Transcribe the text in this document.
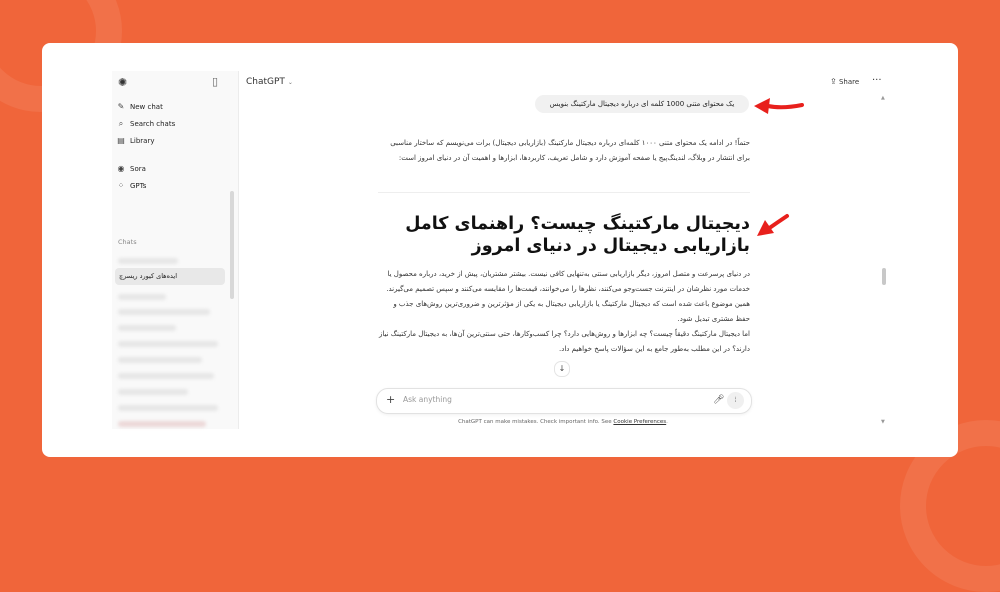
✺	▯
✎ New chat
⌕ Search chats
▤ Library
◉ Sora
⁘ GPTs
Chats
ایده‌های کیورد ریسرچ
ChatGPT ⌄	⇪ Share ···
یک محتوای متنی 1000 کلمه ای درباره دیجیتال مارکتینگ بنویس
حتماً! در ادامه یک محتوای متنی ۱۰۰۰ کلمه‌ای درباره دیجیتال مارکتینگ (بازاریابی دیجیتال) برات می‌نویسم که ساختار مناسبی برای انتشار در وبلاگ، لندینگ‌پیج یا صفحه آموزش دارد و شامل تعریف، کاربردها، ابزارها و اهمیت آن در دنیای امروز است:
دیجیتال مارکتینگ چیست؟ راهنمای کامل بازاریابی دیجیتال در دنیای امروز
در دنیای پرسرعت و متصل امروز، دیگر بازاریابی سنتی به‌تنهایی کافی نیست. بیشتر مشتریان، پیش از خرید، درباره محصول یا خدمات مورد نظرشان در اینترنت جست‌وجو می‌کنند، نظرها را می‌خوانند، قیمت‌ها را مقایسه می‌کنند و سپس تصمیم می‌گیرند. همین موضوع باعث شده است که دیجیتال مارکتینگ یا بازاریابی دیجیتال به یکی از مؤثرترین و ضروری‌ترین روش‌های جذب و حفظ مشتری تبدیل شود.
اما دیجیتال مارکتینگ دقیقاً چیست؟ چه ابزارها و روش‌هایی دارد؟ چرا کسب‌وکارها، حتی سنتی‌ترین آن‌ها، به دیجیتال مارکتینگ نیاز دارند؟ در این مطلب به‌طور جامع به این سؤالات پاسخ خواهیم داد.
↓
+
Ask anything	🎤︎	⦙
ChatGPT can make mistakes. Check important info. See Cookie Preferences.
▲
▼
